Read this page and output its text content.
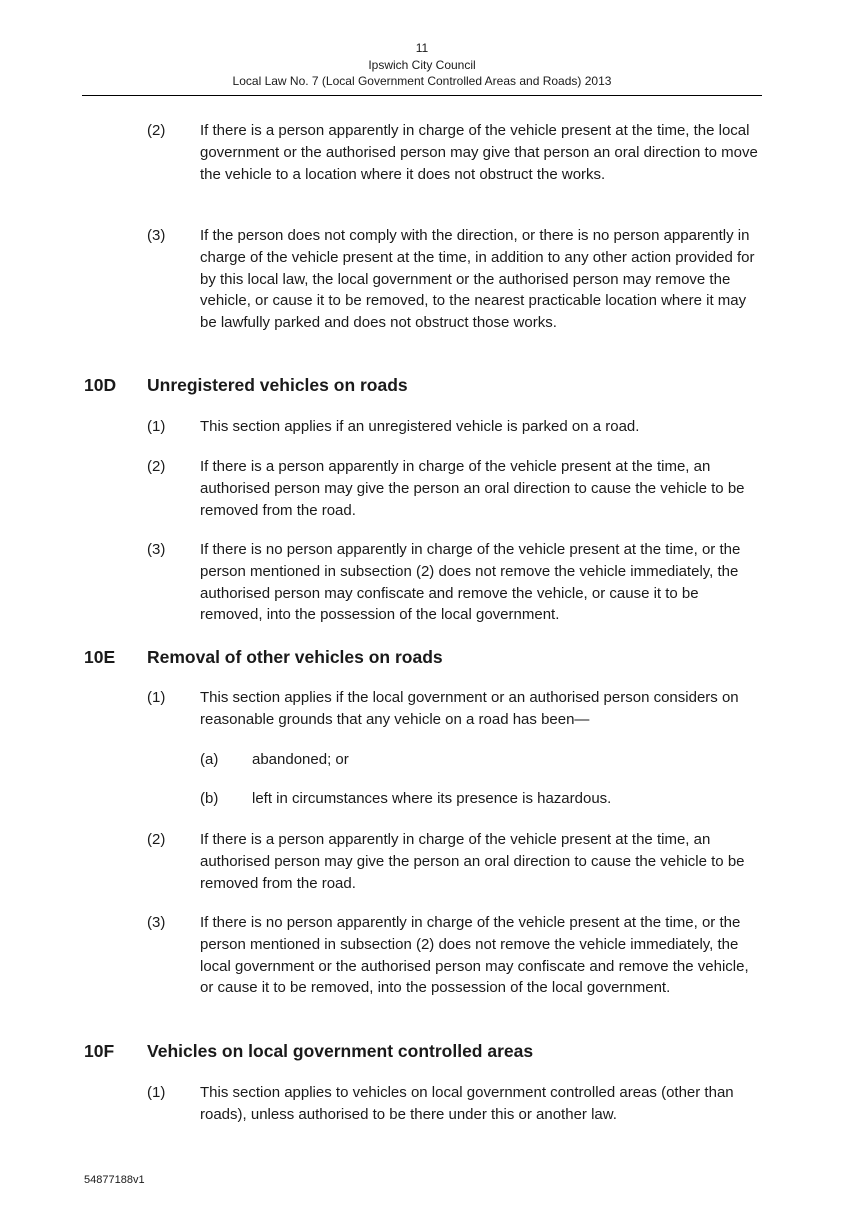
11
Ipswich City Council
Local Law No. 7 (Local Government Controlled Areas and Roads) 2013
(2) If there is a person apparently in charge of the vehicle present at the time, the local government or the authorised person may give that person an oral direction to move the vehicle to a location where it does not obstruct the works.
(3) If the person does not comply with the direction, or there is no person apparently in charge of the vehicle present at the time, in addition to any other action provided for by this local law, the local government or the authorised person may remove the vehicle, or cause it to be removed, to the nearest practicable location where it may be lawfully parked and does not obstruct those works.
10D Unregistered vehicles on roads
(1) This section applies if an unregistered vehicle is parked on a road.
(2) If there is a person apparently in charge of the vehicle present at the time, an authorised person may give the person an oral direction to cause the vehicle to be removed from the road.
(3) If there is no person apparently in charge of the vehicle present at the time, or the person mentioned in subsection (2) does not remove the vehicle immediately, the authorised person may confiscate and remove the vehicle, or cause it to be removed, into the possession of the local government.
10E Removal of other vehicles on roads
(1) This section applies if the local government or an authorised person considers on reasonable grounds that any vehicle on a road has been—
(a) abandoned; or
(b) left in circumstances where its presence is hazardous.
(2) If there is a person apparently in charge of the vehicle present at the time, an authorised person may give the person an oral direction to cause the vehicle to be removed from the road.
(3) If there is no person apparently in charge of the vehicle present at the time, or the person mentioned in subsection (2) does not remove the vehicle immediately, the local government or the authorised person may confiscate and remove the vehicle, or cause it to be removed, into the possession of the local government.
10F Vehicles on local government controlled areas
(1) This section applies to vehicles on local government controlled areas (other than roads), unless authorised to be there under this or another law.
54877188v1
